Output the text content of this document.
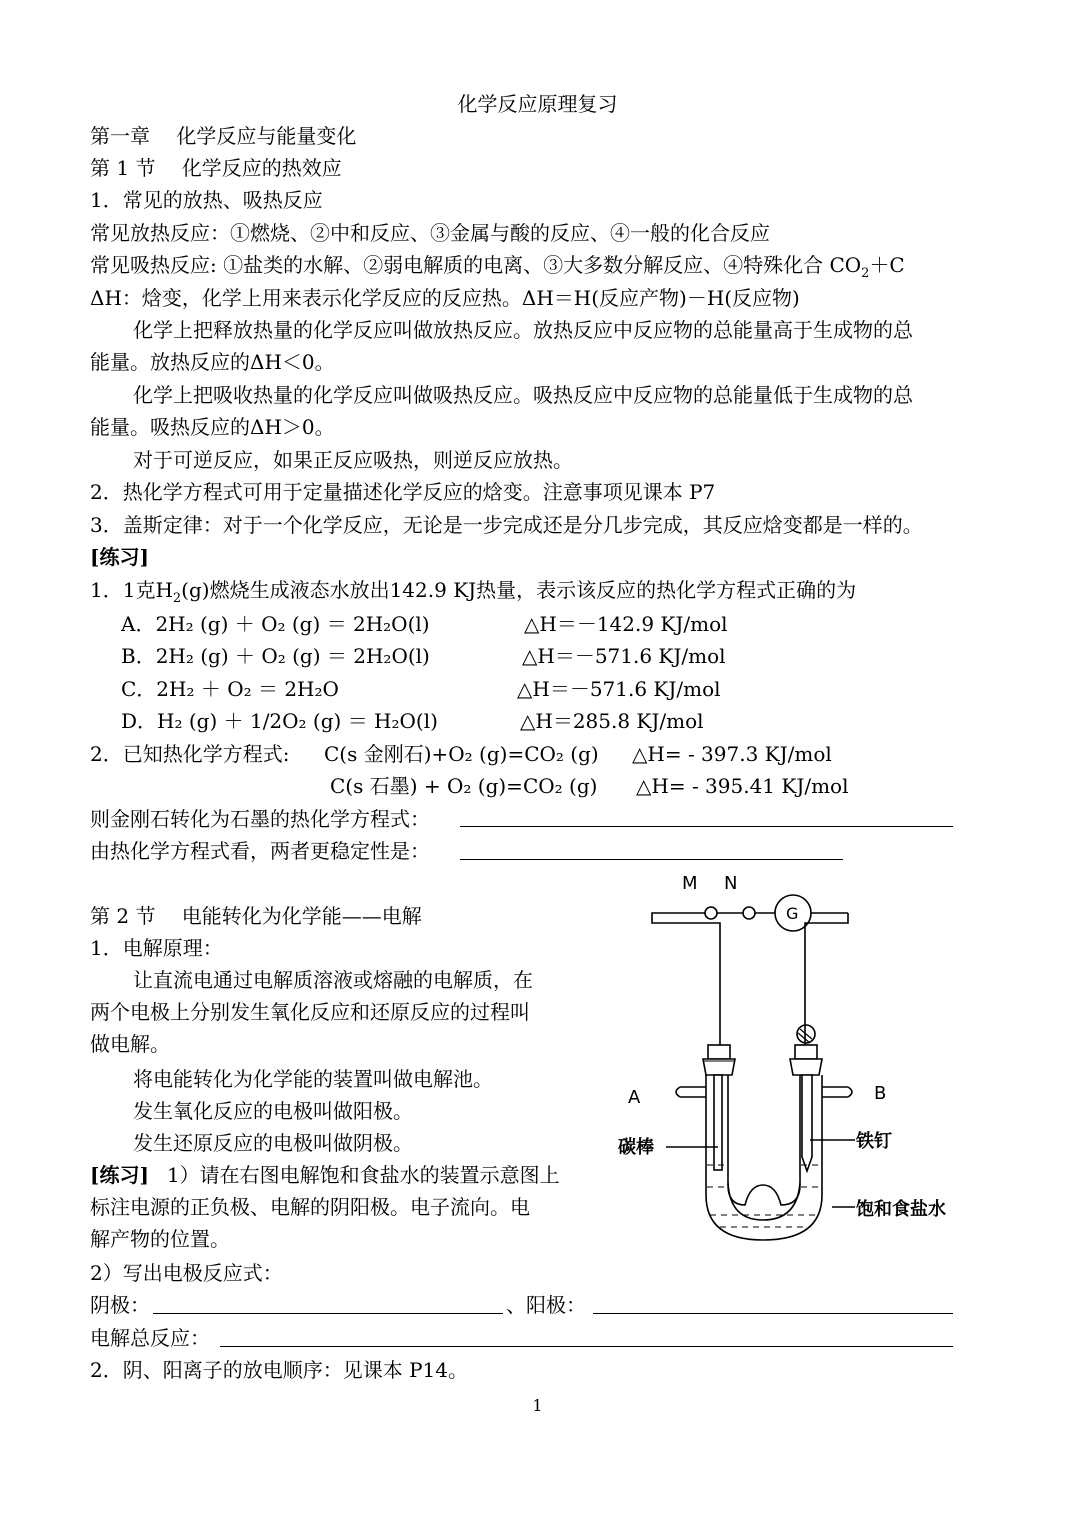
化学反应原理复习
第一章　 化学反应与能量变化
第 1 节　 化学反应的热效应
1．常见的放热、吸热反应
常见放热反应：①燃烧、②中和反应、③金属与酸的反应、④一般的化合反应
常见吸热反应: ①盐类的水解、②弱电解质的电离、③大多数分解反应、④特殊化合 $CO_2+C$
ΔH：焓变，化学上用来表示化学反应的反应热。ΔH＝H(反应产物)－H(反应物)
化学上把释放热量的化学反应叫做放热反应。放热反应中反应物的总能量高于生成物的总
能量。放热反应的ΔH＜0。
化学上把吸收热量的化学反应叫做吸热反应。吸热反应中反应物的总能量低于生成物的总
能量。吸热反应的ΔH＞0。
对于可逆反应，如果正反应吸热，则逆反应放热。
2．热化学方程式可用于定量描述化学反应的焓变。注意事项见课本 P7
3．盖斯定律：对于一个化学反应，无论是一步完成还是分几步完成，其反应焓变都是一样的。
[练习]
1．1克$H_2(g)$燃烧生成液态水放出142.9 KJ热量，表示该反应的热化学方程式正确的为
A．2H₂ (g) ＋ O₂ (g) ＝ 2H₂O(l)	△H＝－142.9 KJ/mol
B．2H₂ (g) ＋ O₂ (g) ＝ 2H₂O(l)	△H＝－571.6 KJ/mol
C．2H₂ ＋ O₂ ＝ 2H₂O	△H＝－571.6 KJ/mol
D．H₂ (g) ＋ 1/2O₂ (g) ＝ H₂O(l)	△H＝285.8 KJ/mol
2．已知热化学方程式: C(s 金刚石)+O₂ (g)=CO₂ (g) △H= - 397.3 KJ/mol
C(s 石墨) + O₂ (g)=CO₂ (g) △H= - 395.41 KJ/mol
则金刚石转化为石墨的热化学方程式：
由热化学方程式看，两者更稳定性是：
第 2 节　 电能转化为化学能——电解
1．电解原理：
让直流电通过电解质溶液或熔融的电解质，在
两个电极上分别发生氧化反应和还原反应的过程叫
做电解。
将电能转化为化学能的装置叫做电解池。
发生氧化反应的电极叫做阳极。
发生还原反应的电极叫做阴极。
[练习] 1）请在右图电解饱和食盐水的装置示意图上
标注电源的正负极、电解的阴阳极。电子流向。电
解产物的位置。
2）写出电极反应式：
阴极：	、阳极：
电解总反应：
2．阴、阳离子的放电顺序：见课本 P14。
1
M N
G
A	B
碳棒	铁钉
饱和食盐水
